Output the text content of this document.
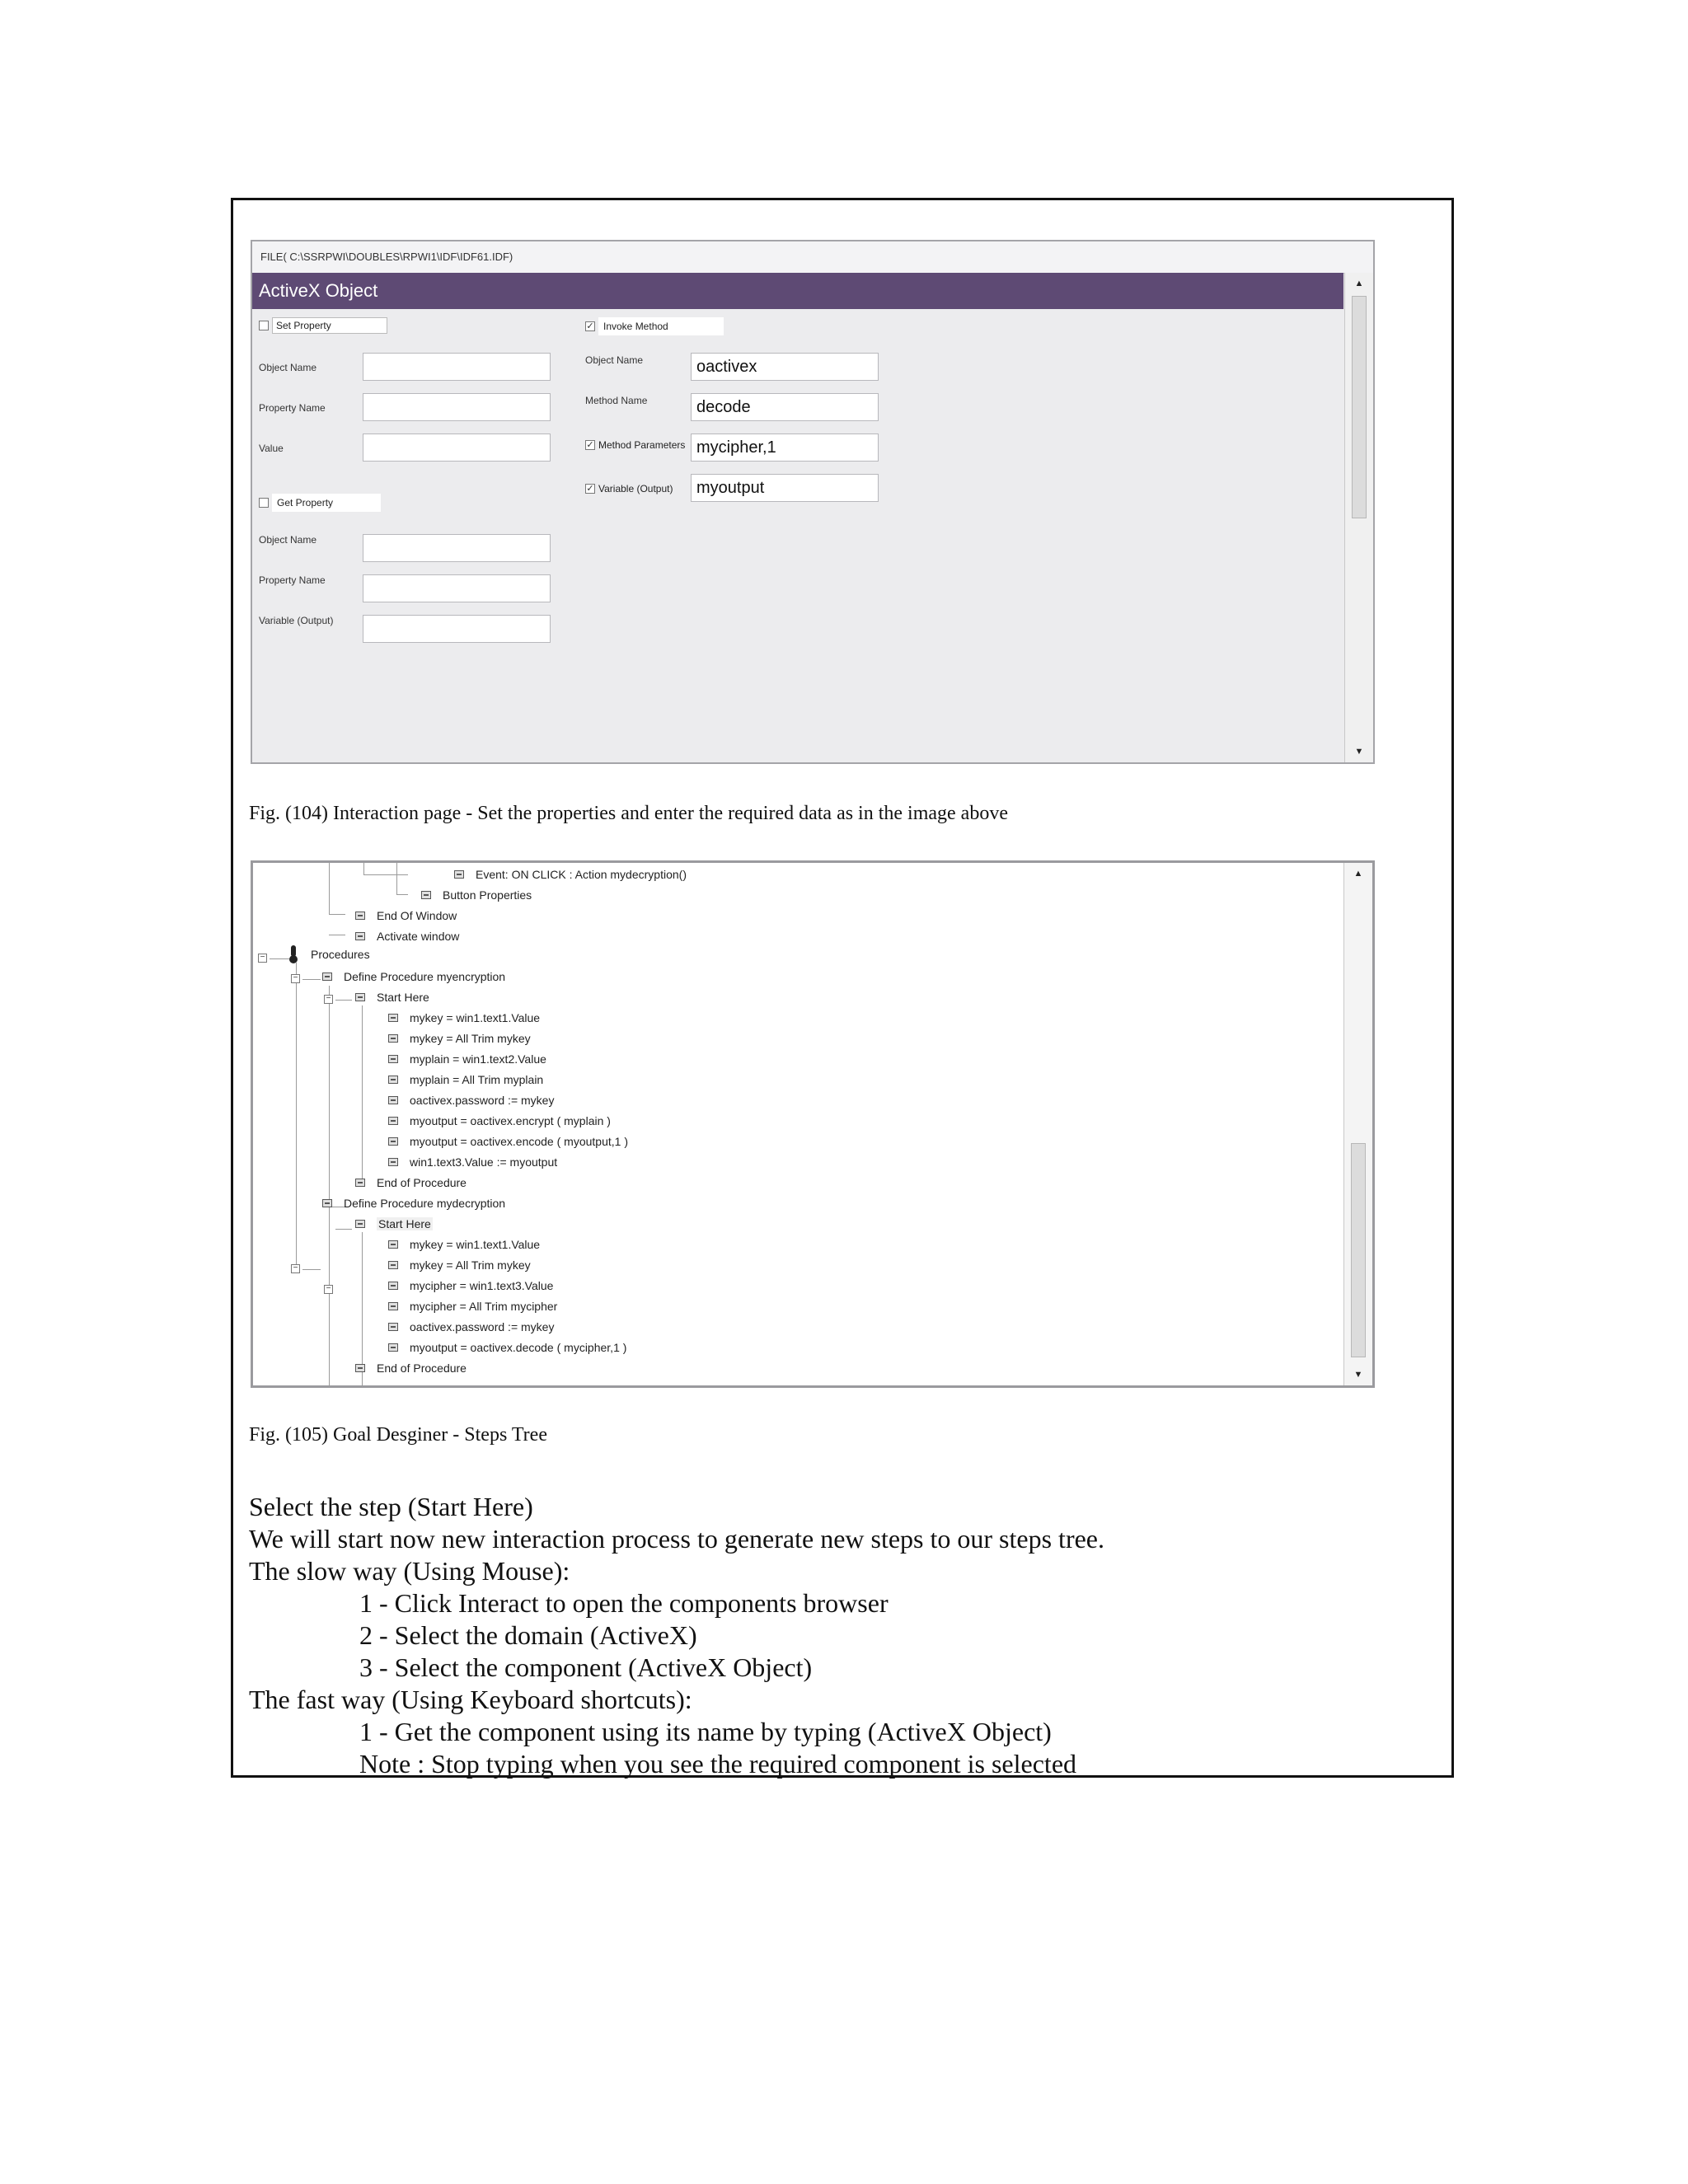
FILE( C:\SSRPWI\DOUBLES\RPWI1\IDF\IDF61.IDF)
ActiveX Object
Set Property
Object Name
Property Name
Value
Get Property
Object Name
Property Name
Variable (Output)
✓ Invoke Method
Object Name	oactivex
Method Name	decode
✓ Method Parameters mycipher,1
✓ Variable (Output)	myoutput
▲
▼
Fig. (104) Interaction page - Set the properties and enter the required data as in the image above
−
−
−
−
−
Event: ON CLICK : Action mydecryption()
Button Properties
End Of Window
Activate window
Procedures
Define Procedure myencryption
Start Here
mykey = win1.text1.Value
mykey = All Trim mykey
myplain = win1.text2.Value
myplain = All Trim myplain
oactivex.password := mykey
myoutput = oactivex.encrypt ( myplain )
myoutput = oactivex.encode ( myoutput,1 )
win1.text3.Value := myoutput
End of Procedure
Define Procedure mydecryption
Start Here
mykey = win1.text1.Value
mykey = All Trim mykey
mycipher = win1.text3.Value
mycipher = All Trim mycipher
oactivex.password := mykey
myoutput = oactivex.decode ( mycipher,1 )
End of Procedure
▲
▼
Fig. (105) Goal Desginer - Steps Tree
Select the step (Start Here)
We will start now new interaction process to generate new steps to our steps tree.
The slow way (Using Mouse):
1 - Click Interact to open the components browser
2 - Select the domain (ActiveX)
3 - Select the component (ActiveX Object)
The fast way (Using Keyboard shortcuts):
1 - Get the component using its name by typing (ActiveX Object)
Note : Stop typing when you see the required component is selected
